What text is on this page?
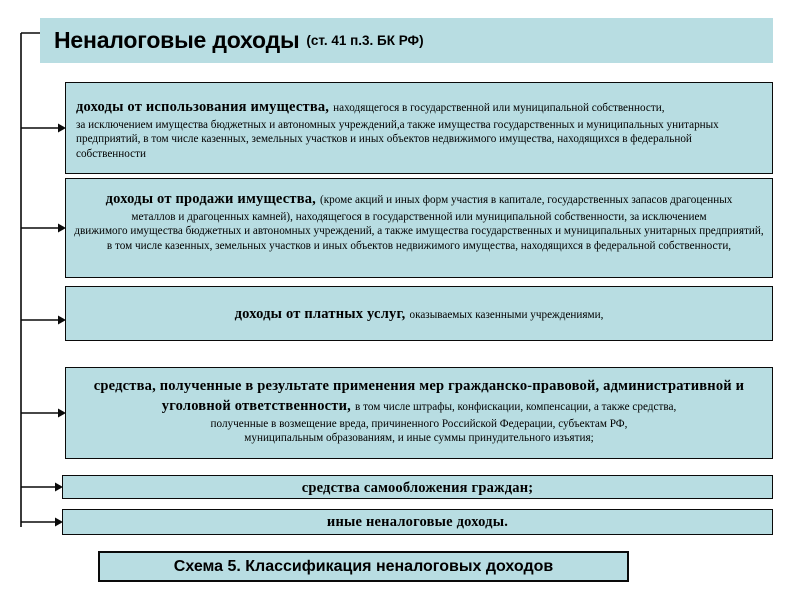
Неналоговые доходы (ст. 41 п.3. БК РФ)
доходы от использования имущества, находящегося в государственной или муниципальной собственности,
за исключением имущества бюджетных и автономных учреждений,а также имущества государственных и муниципальных унитарных
предприятий, в том числе казенных, земельных участков и иных объектов недвижимого имущества, находящихся в федеральной собственности
доходы от продажи имущества, (кроме акций и иных форм участия в капитале, государственных запасов драгоценных
металлов и драгоценных камней), находящегося в государственной или муниципальной собственности, за исключением
движимого имущества бюджетных и автономных учреждений, а также имущества государственных и муниципальных унитарных предприятий,
в том числе казенных, земельных участков и иных объектов недвижимого имущества, находящихся в федеральной собственности,
доходы от платных услуг, оказываемых казенными учреждениями,
средства, полученные в результате применения мер гражданско-правовой, административной и
уголовной ответственности, в том числе штрафы, конфискации, компенсации, а также средства,
полученные в возмещение вреда, причиненного Российской Федерации, субъектам РФ,
муниципальным образованиям, и иные суммы принудительного изъятия;
средства самообложения граждан;
иные неналоговые доходы.
Схема 5. Классификация неналоговых доходов
